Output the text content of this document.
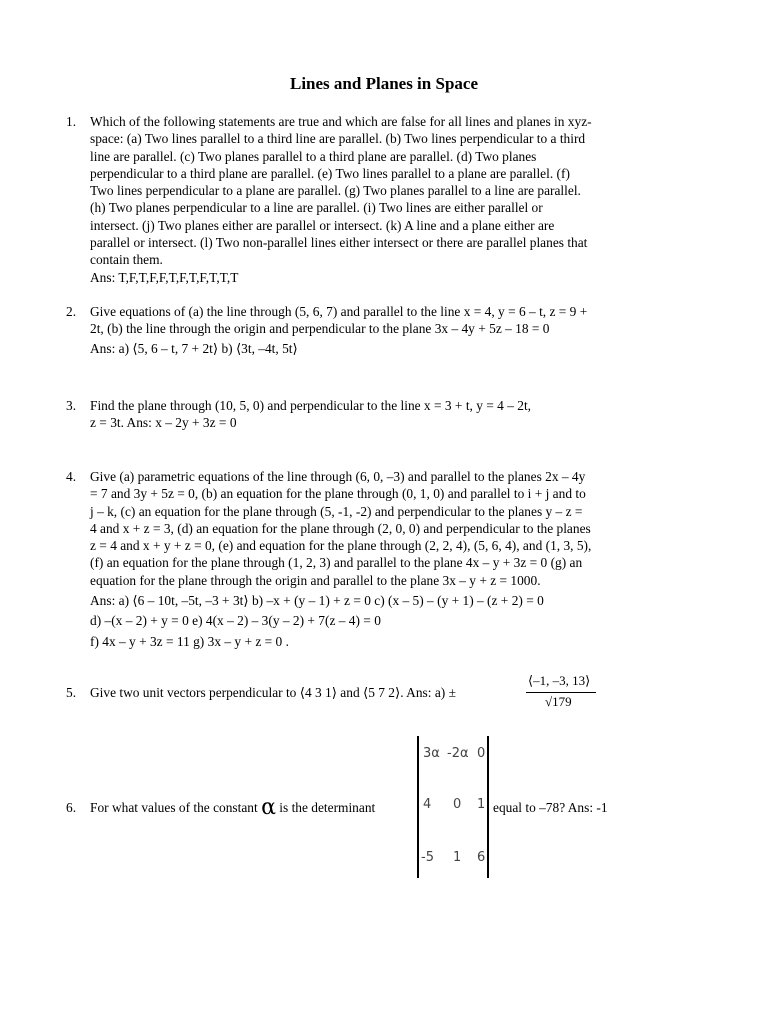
Lines and Planes in Space
1. Which of the following statements are true and which are false for all lines and planes in xyz-
space: (a) Two lines parallel to a third line are parallel. (b) Two lines perpendicular to a third
line are parallel. (c) Two planes parallel to a third plane are parallel. (d) Two planes
perpendicular to a third plane are parallel. (e) Two lines parallel to a plane are parallel. (f)
Two lines perpendicular to a plane are parallel. (g) Two planes parallel to a line are parallel.
(h) Two planes perpendicular to a line are parallel. (i) Two lines are either parallel or
intersect. (j) Two planes either are parallel or intersect. (k) A line and a plane either are
parallel or intersect. (l) Two non-parallel lines either intersect or there are parallel planes that
contain them.
Ans: T,F,T,F,F,T,F,T,F,T,T,T
2. Give equations of (a) the line through (5, 6, 7) and parallel to the line x = 4, y = 6 – t, z = 9 +
2t, (b) the line through the origin and perpendicular to the plane 3x – 4y + 5z – 18 = 0
Ans: a) ⟨5, 6 – t, 7 + 2t⟩ b) ⟨3t, –4t, 5t⟩
3. Find the plane through (10, 5, 0) and perpendicular to the line x = 3 + t, y = 4 – 2t,
z = 3t. Ans: x – 2y + 3z = 0
4. Give (a) parametric equations of the line through (6, 0, –3) and parallel to the planes 2x – 4y
= 7 and 3y + 5z = 0, (b) an equation for the plane through (0, 1, 0) and parallel to i + j and to
j – k, (c) an equation for the plane through (5, -1, -2) and perpendicular to the planes y – z =
4 and x + z = 3, (d) an equation for the plane through (2, 0, 0) and perpendicular to the planes
z = 4 and x + y + z = 0, (e) and equation for the plane through (2, 2, 4), (5, 6, 4), and (1, 3, 5),
(f) an equation for the plane through (1, 2, 3) and parallel to the plane 4x – y + 3z = 0 (g) an
equation for the plane through the origin and parallel to the plane 3x – y + z = 1000.
Ans: a) ⟨6 – 10t, –5t, –3 + 3t⟩ b) –x + (y – 1) + z = 0 c) (x – 5) – (y + 1) – (z + 2) = 0
d) –(x – 2) + y = 0 e) 4(x – 2) – 3(y – 2) + 7(z – 4) = 0
f) 4x – y + 3z = 11 g) 3x – y + z = 0 .
5. Give two unit vectors perpendicular to ⟨4 3 1⟩ and ⟨5 7 2⟩. Ans: a) ±
⟨–1, –3, 13⟩
√179
6. For what values of the constant α is the determinant	equal to –78? Ans: -1
3α -2α 0
4 0 1
-5 1 6
